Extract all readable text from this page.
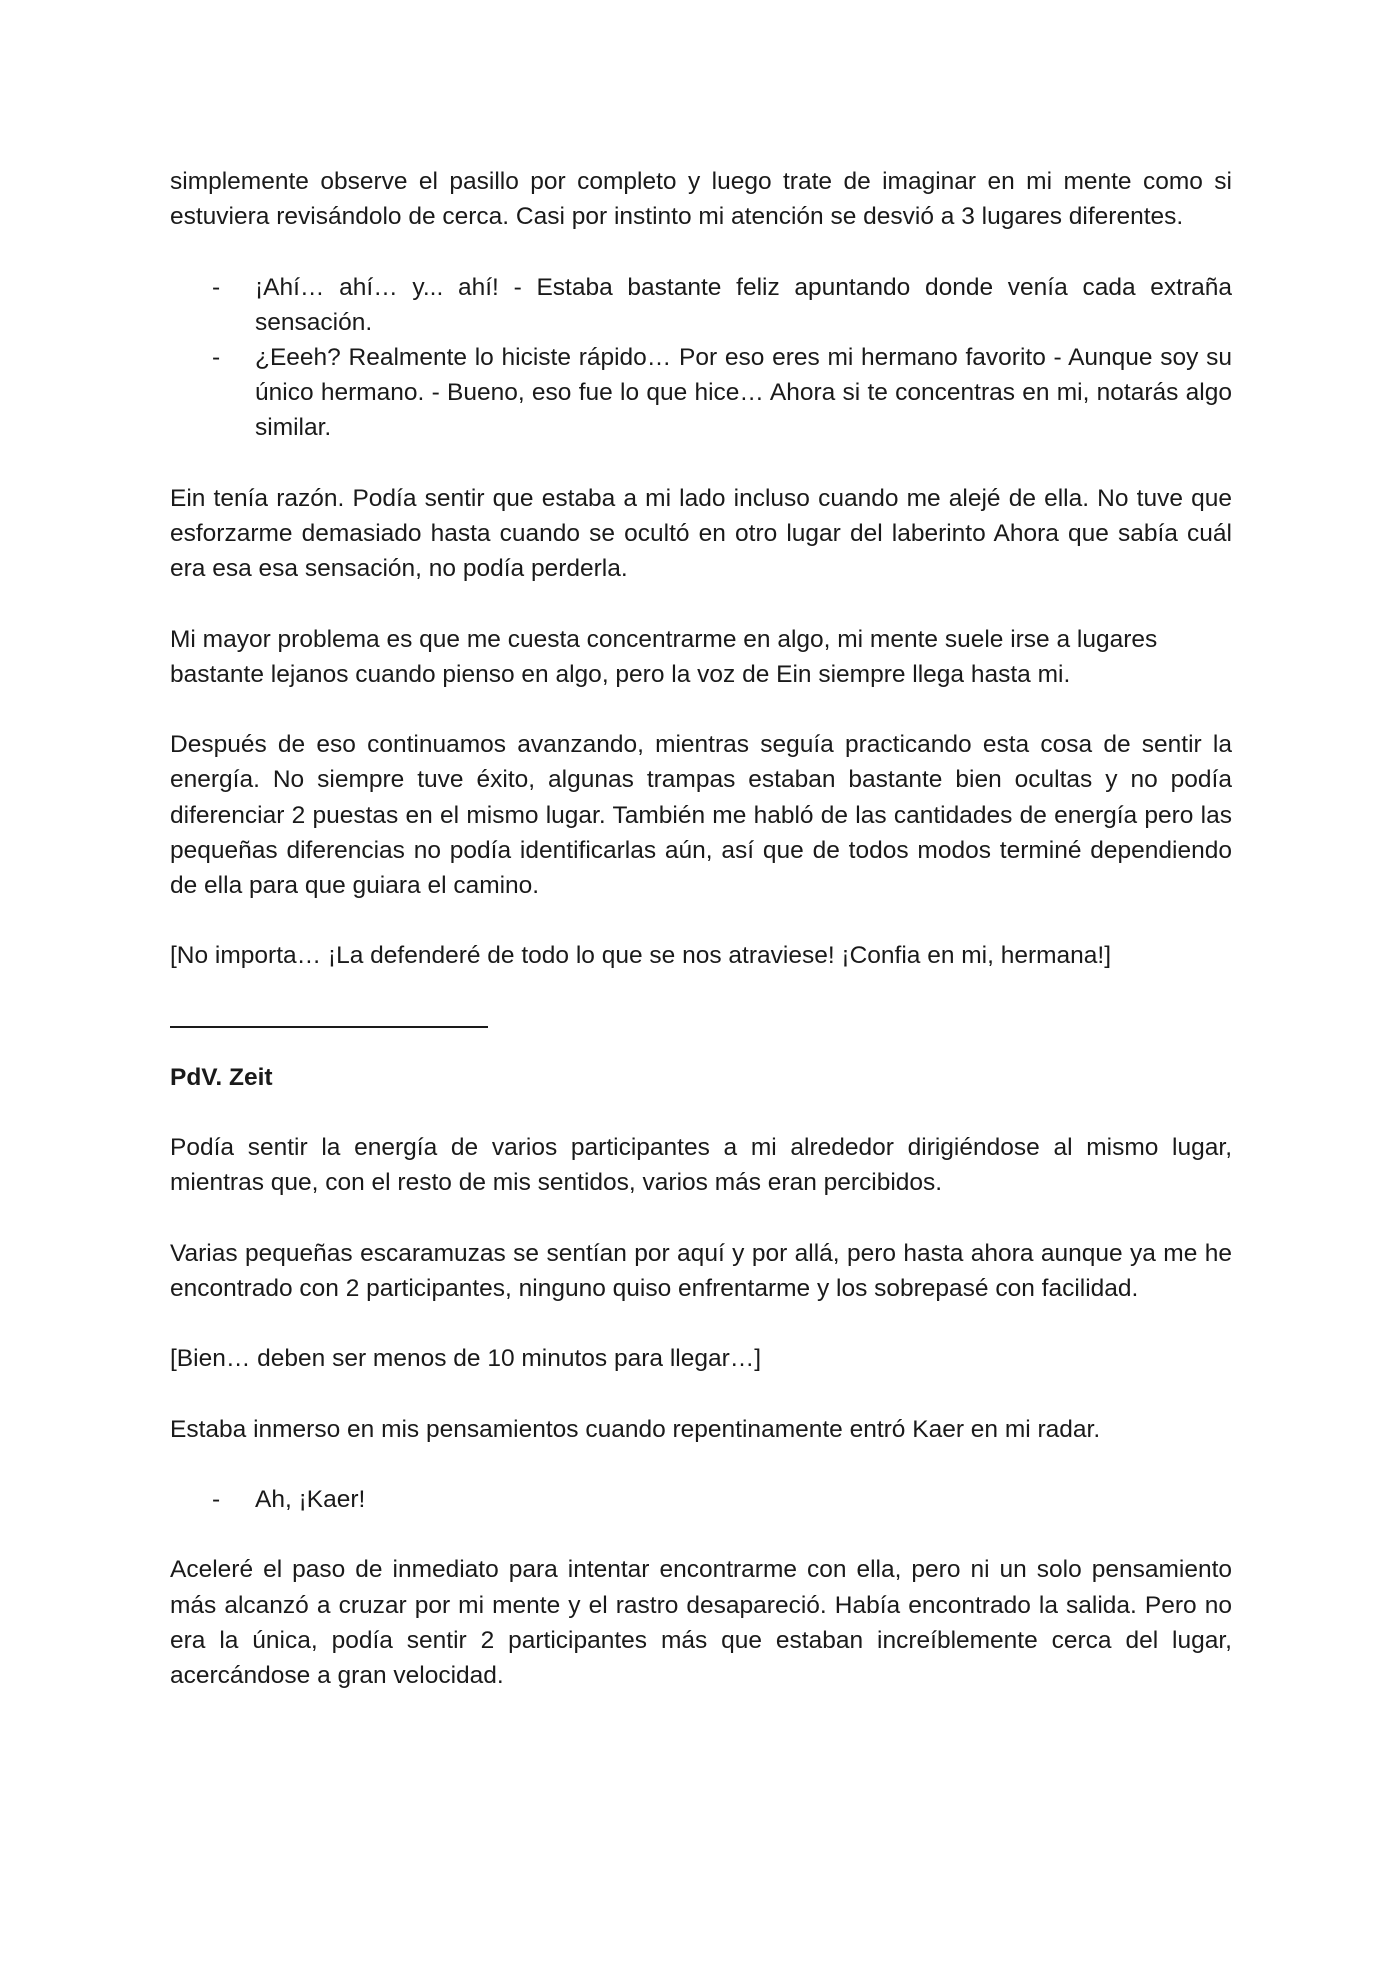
simplemente observe el pasillo por completo y luego trate de imaginar en mi mente como si estuviera revisándolo de cerca. Casi por instinto mi atención se desvió a 3 lugares diferentes.

- ¡Ahí… ahí… y... ahí! - Estaba bastante feliz apuntando donde venía cada extraña sensación.
- ¿Eeeh? Realmente lo hiciste rápido… Por eso eres mi hermano favorito - Aunque soy su único hermano. - Bueno, eso fue lo que hice… Ahora si te concentras en mi, notarás algo similar.

Ein tenía razón. Podía sentir que estaba a mi lado incluso cuando me alejé de ella. No tuve que esforzarme demasiado hasta cuando se ocultó en otro lugar del laberinto Ahora que sabía cuál era esa esa sensación, no podía perderla.

Mi mayor problema es que me cuesta concentrarme en algo, mi mente suele irse a lugares bastante lejanos cuando pienso en algo, pero la voz de Ein siempre llega hasta mi.

Después de eso continuamos avanzando, mientras seguía practicando esta cosa de sentir la energía. No siempre tuve éxito, algunas trampas estaban bastante bien ocultas y no podía diferenciar 2 puestas en el mismo lugar. También me habló de las cantidades de energía pero las pequeñas diferencias no podía identificarlas aún, así que de todos modos terminé dependiendo de ella para que guiara el camino.

[No importa… ¡La defenderé de todo lo que se nos atraviese! ¡Confia en mi, hermana!]

PdV. Zeit

Podía sentir la energía de varios participantes a mi alrededor dirigiéndose al mismo lugar, mientras que, con el resto de mis sentidos, varios más eran percibidos.

Varias pequeñas escaramuzas se sentían por aquí y por allá, pero hasta ahora aunque ya me he encontrado con 2 participantes, ninguno quiso enfrentarme y los sobrepasé con facilidad.

[Bien… deben ser menos de 10 minutos para llegar…]

Estaba inmerso en mis pensamientos cuando repentinamente entró Kaer en mi radar.

- Ah, ¡Kaer!

Aceleré el paso de inmediato para intentar encontrarme con ella, pero ni un solo pensamiento más alcanzó a cruzar por mi mente y el rastro desapareció. Había encontrado la salida. Pero no era la única, podía sentir 2 participantes más que estaban increíblemente cerca del lugar, acercándose a gran velocidad.
